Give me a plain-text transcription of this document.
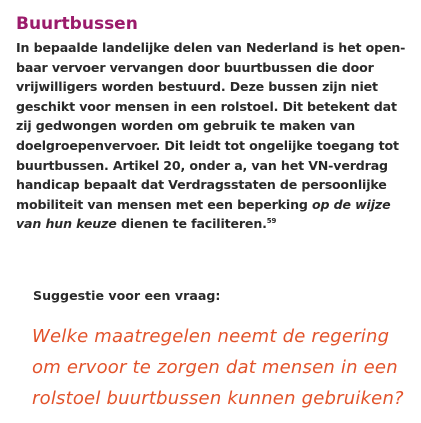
Buurtbussen

In bepaalde landelijke delen van Nederland is het open-
baar vervoer vervangen door buurtbussen die door
vrijwilligers worden bestuurd. Deze bussen zijn niet
geschikt voor mensen in een rolstoel. Dit betekent dat
zij gedwongen worden om gebruik te maken van
doelgroepenvervoer. Dit leidt tot ongelijke toegang tot
buurtbussen. Artikel 20, onder a, van het VN-verdrag
handicap bepaalt dat Verdragsstaten de persoonlijke
mobiliteit van mensen met een beperking op de wijze
van hun keuze dienen te faciliteren.$^{59}$

Suggestie voor een vraag:

Welke maatregelen neemt de regering
om ervoor te zorgen dat mensen in een
rolstoel buurtbussen kunnen gebruiken?
